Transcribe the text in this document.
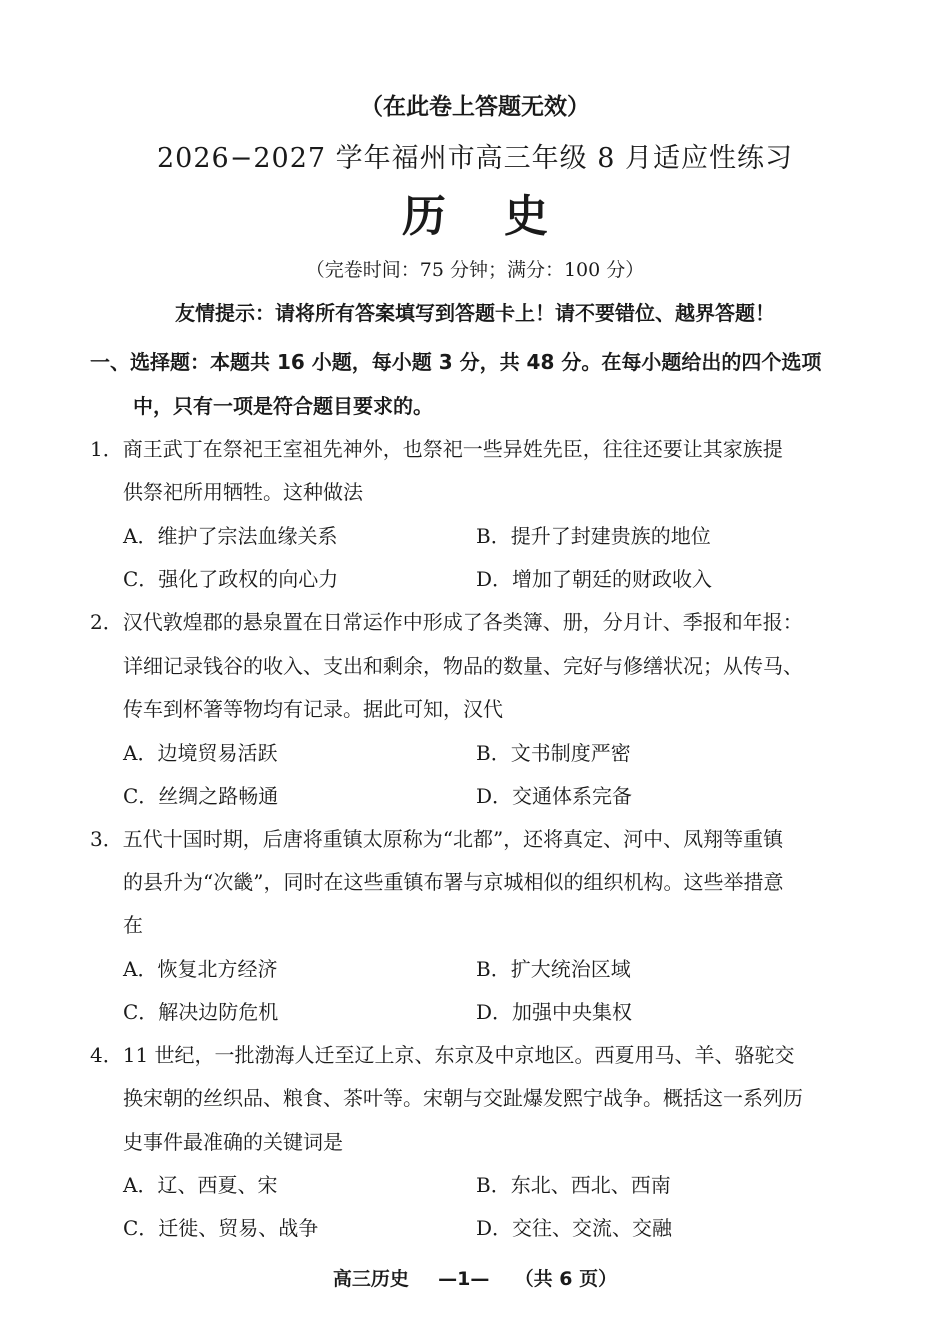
（在此卷上答题无效）
2026−2027 学年福州市高三年级 8 月适应性练习
历史
（完卷时间：75 分钟；满分：100 分）
友情提示：请将所有答案填写到答题卡上！请不要错位、越界答题！
一、选择题：本题共 16 小题，每小题 3 分，共 48 分。在每小题给出的四个选项
中，只有一项是符合题目要求的。
1．商王武丁在祭祀王室祖先神外，也祭祀一些异姓先臣，往往还要让其家族提
供祭祀所用牺牲。这种做法
A．维护了宗法血缘关系	B．提升了封建贵族的地位
C．强化了政权的向心力	D．增加了朝廷的财政收入
2．汉代敦煌郡的悬泉置在日常运作中形成了各类簿、册，分月计、季报和年报：
详细记录钱谷的收入、支出和剩余，物品的数量、完好与修缮状况；从传马、
传车到杯箸等物均有记录。据此可知，汉代
A．边境贸易活跃	B．文书制度严密
C．丝绸之路畅通	D．交通体系完备
3．五代十国时期，后唐将重镇太原称为“北都”，还将真定、河中、凤翔等重镇
的县升为“次畿”，同时在这些重镇布署与京城相似的组织机构。这些举措意
在
A．恢复北方经济	B．扩大统治区域
C．解决边防危机	D．加强中央集权
4．11 世纪，一批渤海人迁至辽上京、东京及中京地区。西夏用马、羊、骆驼交
换宋朝的丝织品、粮食、茶叶等。宋朝与交趾爆发熙宁战争。概括这一系列历
史事件最准确的关键词是
A．辽、西夏、宋	B．东北、西北、西南
C．迁徙、贸易、战争	D．交往、交流、交融
高三历史 —1— （共 6 页）
